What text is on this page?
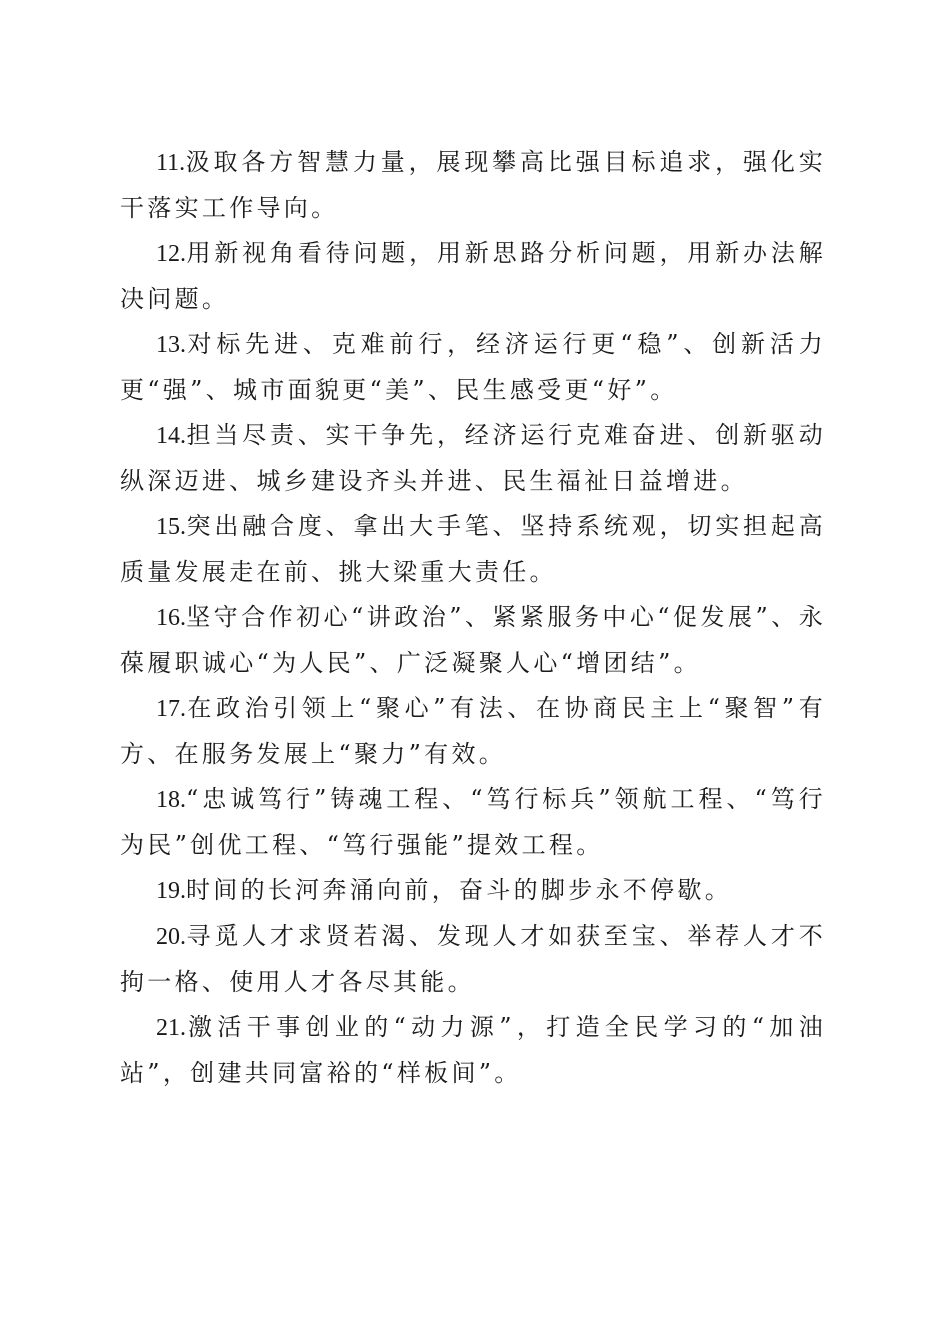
11.汲取各方智慧力量，展现攀高比强目标追求，强化实干落实工作导向。

12.用新视角看待问题，用新思路分析问题，用新办法解决问题。

13.对标先进、克难前行，经济运行更“稳”、创新活力更“强”、城市面貌更“美”、民生感受更“好”。

14.担当尽责、实干争先，经济运行克难奋进、创新驱动纵深迈进、城乡建设齐头并进、民生福祉日益增进。

15.突出融合度、拿出大手笔、坚持系统观，切实担起高质量发展走在前、挑大梁重大责任。

16.坚守合作初心“讲政治”、紧紧服务中心“促发展”、永葆履职诚心“为人民”、广泛凝聚人心“增团结”。

17.在政治引领上“聚心”有法、在协商民主上“聚智”有方、在服务发展上“聚力”有效。

18.“忠诚笃行”铸魂工程、“笃行标兵”领航工程、“笃行为民”创优工程、“笃行强能”提效工程。

19.时间的长河奔涌向前，奋斗的脚步永不停歇。

20.寻觅人才求贤若渴、发现人才如获至宝、举荐人才不拘一格、使用人才各尽其能。

21.激活干事创业的“动力源”，打造全民学习的“加油站”，创建共同富裕的“样板间”。
